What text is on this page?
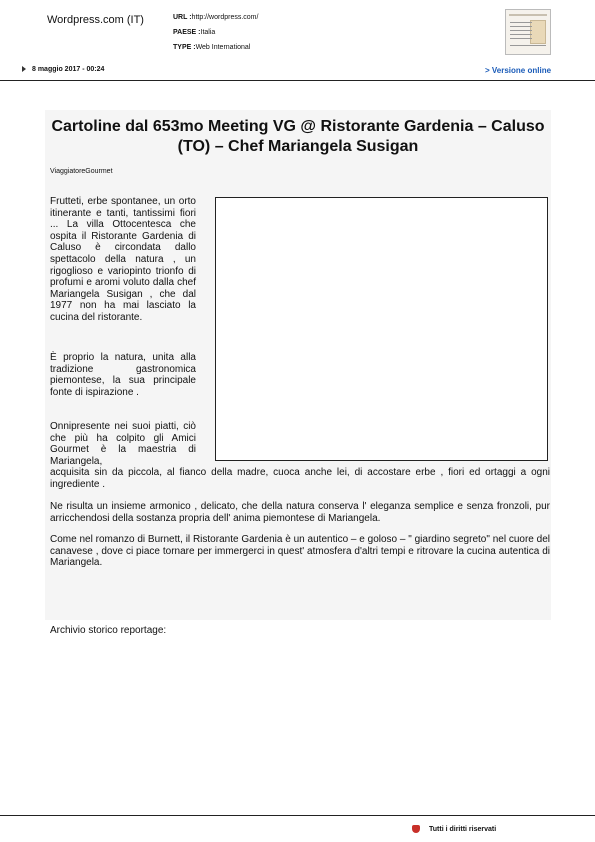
Wordpress.com (IT)	URL :http://wordpress.com/
PAESE :Italia
TYPE :Web International
8 maggio 2017 - 00:24	> Versione online
Cartoline dal 653mo Meeting VG @ Ristorante Gardenia – Caluso (TO) – Chef Mariangela Susigan
ViaggiatoreGourmet
Frutteti, erbe spontanee, un orto itinerante e tanti, tantissimi fiori ... La villa Ottocentesca che ospita il Ristorante Gardenia di Caluso è circondata dallo spettacolo della natura , un rigoglioso e variopinto trionfo di profumi e aromi voluto dalla chef Mariangela Susigan , che dal 1977 non ha mai lasciato la cucina del ristorante.
È proprio la natura, unita alla tradizione gastronomica piemontese, la sua principale fonte di ispirazione .
Onnipresente nei suoi piatti, ciò che più ha colpito gli Amici Gourmet è la maestria di Mariangela,
acquisita sin da piccola, al fianco della madre, cuoca anche lei, di accostare erbe , fiori ed ortaggi a ogni ingrediente .
Ne risulta un insieme armonico , delicato, che della natura conserva l' eleganza semplice e senza fronzoli, pur arricchendosi della sostanza propria dell' anima piemontese di Mariangela.
Come nel romanzo di Burnett, il Ristorante Gardenia è un autentico – e goloso – " giardino segreto" nel cuore del canavese , dove ci piace tornare per immergerci in quest' atmosfera d'altri tempi e ritrovare la cucina autentica di Mariangela.
Archivio storico reportage:
Tutti i diritti riservati
